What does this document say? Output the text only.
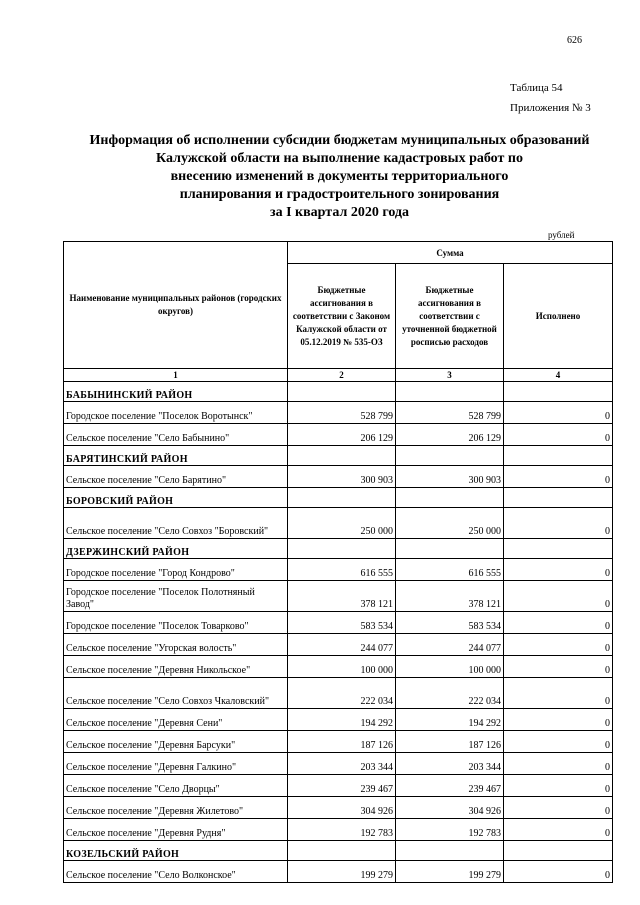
626
Таблица 54
Приложения № 3
Информация об исполнении субсидии бюджетам муниципальных образований
Калужской области на выполнение кадастровых работ по
внесению изменений в документы территориального
планирования и градостроительного зонирования
за I квартал 2020 года
рублей
Наименование муниципальных районов (городских округов)	Сумма		
	Бюджетные ассигнования в соответствии с Законом Калужской области от 05.12.2019 № 535-ОЗ	Бюджетные ассигнования в соответствии с уточненной бюджетной росписью расходов	Исполнено
1	2	3	4
БАБЫНИНСКИЙ РАЙОН			
Городское поселение "Поселок Воротынск"	528 799	528 799	0
Сельское поселение "Село Бабынино"	206 129	206 129	0
БАРЯТИНСКИЙ РАЙОН			
Сельское поселение "Село Барятино"	300 903	300 903	0
БОРОВСКИЙ РАЙОН			
Сельское поселение "Село Совхоз "Боровский"	250 000	250 000	0
ДЗЕРЖИНСКИЙ РАЙОН			
Городское поселение "Город Кондрово"	616 555	616 555	0
Городское поселение "Поселок Полотняный Завод"	378 121	378 121	0
Городское поселение "Поселок Товарково"	583 534	583 534	0
Сельское поселение "Угорская волость"	244 077	244 077	0
Сельское поселение "Деревня Никольское"	100 000	100 000	0
Сельское поселение "Село Совхоз Чкаловский"	222 034	222 034	0
Сельское поселение "Деревня Сени"	194 292	194 292	0
Сельское поселение "Деревня Барсуки"	187 126	187 126	0
Сельское поселение "Деревня Галкино"	203 344	203 344	0
Сельское поселение "Село Дворцы"	239 467	239 467	0
Сельское поселение "Деревня Жилетово"	304 926	304 926	0
Сельское поселение "Деревня Рудня"	192 783	192 783	0
КОЗЕЛЬСКИЙ РАЙОН			
Сельское поселение "Село Волконское"	199 279	199 279	0
